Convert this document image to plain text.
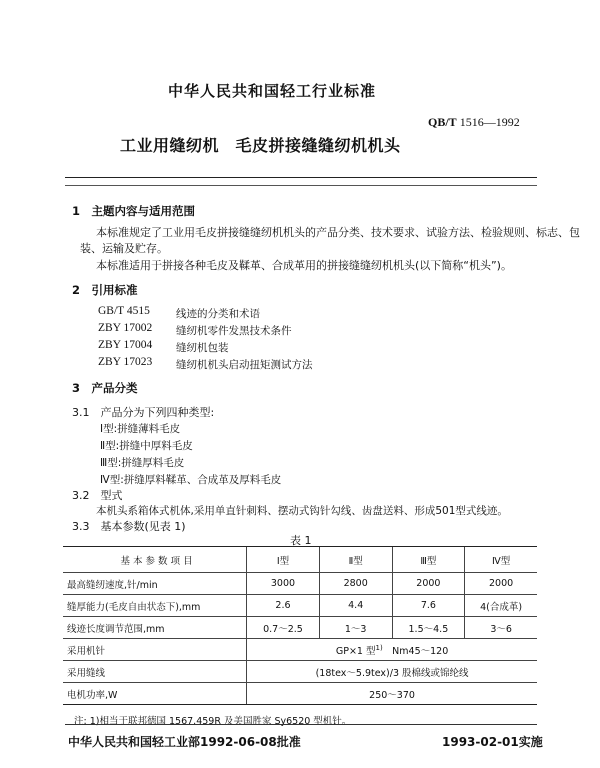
中华人民共和国轻工行业标准
QB/T 1516—1992
工业用缝纫机　毛皮拼接缝缝纫机机头
1　主题内容与适用范围
本标准规定了工业用毛皮拼接缝缝纫机机头的产品分类、技术要求、试验方法、检验规则、标志、包
装、运输及贮存。
本标准适用于拼接各种毛皮及鞣革、合成革用的拼接缝缝纫机机头(以下简称“机头”)。
2　引用标准
GB/T 4515 线迹的分类和术语
ZBY 17002 缝纫机零件发黑技术条件
ZBY 17004 缝纫机包装
ZBY 17023 缝纫机机头启动扭矩测试方法
3　产品分类
3.1　产品分为下列四种类型:
Ⅰ型:拼缝薄料毛皮
Ⅱ型:拼缝中厚料毛皮
Ⅲ型:拼缝厚料毛皮
Ⅳ型:拼缝厚料鞣革、合成革及厚料毛皮
3.2　型式
本机头系箱体式机体,采用单直针刺料、摆动式钩针勾线、齿盘送料、形成501型式线迹。
3.3　基本参数(见表 1)
表 1
基 本 参 数 项 目	Ⅰ型	Ⅱ型	Ⅲ型	Ⅳ型
最高缝纫速度,针/min	3000	2800	2000	2000
缝厚能力(毛皮自由状态下),mm	2.6	4.4	7.6	4(合成革)
线迹长度调节范围,mm	0.7～2.5	1～3	1.5～4.5	3～6
采用机针	GP×1 型$^{1)}$　Nm45～120			
采用缝线	(18tex～5.9tex)/3 股棉线或锦纶线			
电机功率,W	250～370			
注: 1)相当于联邦德国 1567.459R 及美国胜家 Sy6520 型机针。
中华人民共和国轻工业部1992-06-08批准	1993-02-01实施
